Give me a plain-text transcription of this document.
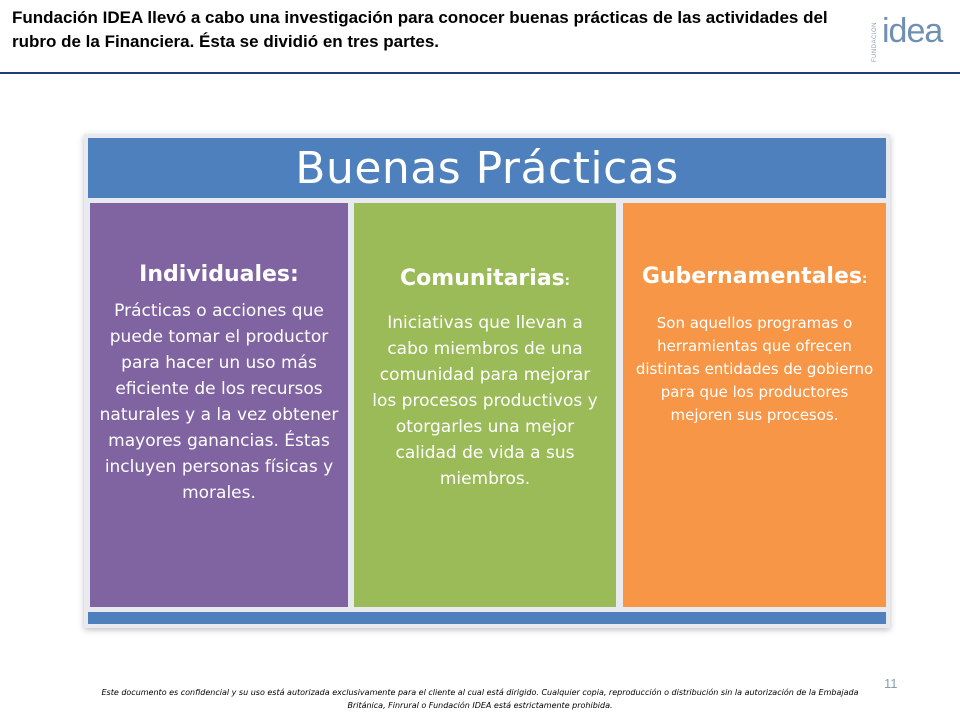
Fundación IDEA llevó a cabo una investigación para conocer buenas prácticas de las actividades del rubro de la Financiera. Ésta se dividió en tres partes.	FUNDACIÓN idea
Buenas Prácticas

Individuales:

Prácticas o acciones que puede tomar el productor para hacer un uso más eficiente de los recursos naturales y a la vez obtener mayores ganancias. Éstas incluyen personas físicas y morales.

Comunitarias:

Iniciativas que llevan a cabo miembros de una comunidad para mejorar los procesos productivos y otorgarles una mejor calidad de vida a sus miembros.

Gubernamentales:

Son aquellos programas o herramientas que ofrecen distintas entidades de gobierno para que los productores mejoren sus procesos.

11
Este documento es confidencial y su uso está autorizada exclusivamente para el cliente al cual está dirigido. Cualquier copia, reproducción o distribución sin la autorización de la Embajada Británica, Finrural o Fundación IDEA está estrictamente prohibida.
